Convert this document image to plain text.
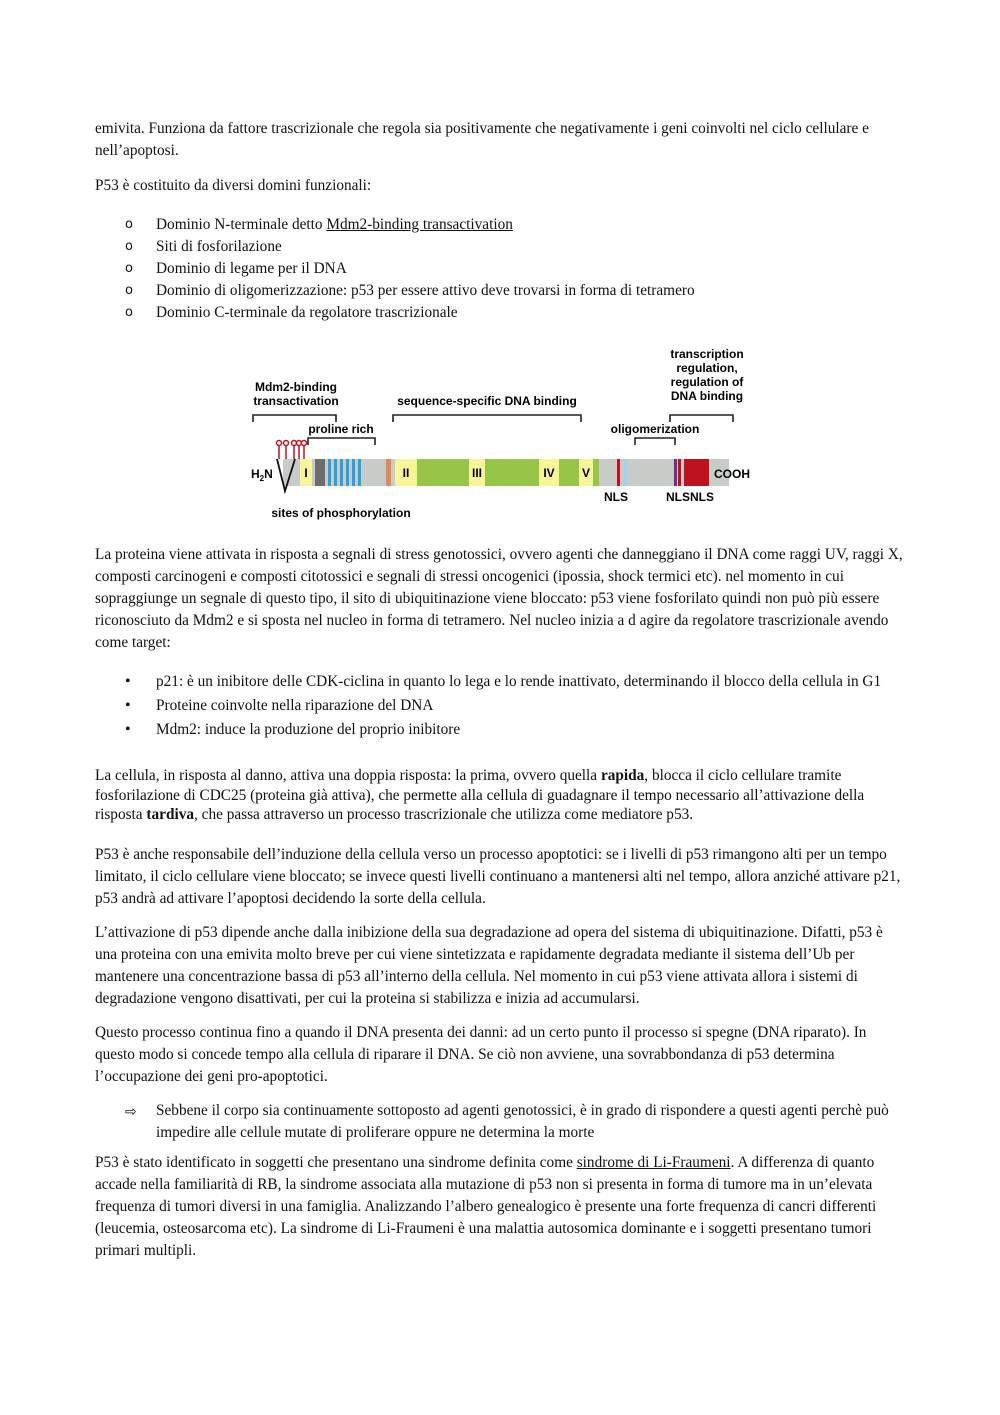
emivita. Funziona da fattore trascrizionale che regola sia positivamente che negativamente i geni coinvolti nel ciclo cellulare e nell’apoptosi.

P53 è costituito da diversi domini funzionali:

o Dominio N-terminale detto Mdm2-binding transactivation
o Siti di fosforilazione
o Dominio di legame per il DNA
o Dominio di oligomerizzazione: p53 per essere attivo deve trovarsi in forma di tetramero
o Dominio C-terminale da regolatore trascrizionale
Mdm2-binding
transactivation	sequence-specific DNA binding
proline rich	oligomerization
transcription
regulation,
regulation of
DNA binding
$H_2N$	I	II	III	IV V	COOH
NLS	NLS NLS
sites of phosphorylation

La proteina viene attivata in risposta a segnali di stress genotossici, ovvero agenti che danneggiano il DNA come raggi UV, raggi X, composti carcinogeni e composti citotossici e segnali di stressi oncogenici (ipossia, shock termici etc). nel momento in cui sopraggiunge un segnale di questo tipo, il sito di ubiquitinazione viene bloccato: p53 viene fosforilato quindi non può più essere riconosciuto da Mdm2 e si sposta nel nucleo in forma di tetramero. Nel nucleo inizia a d agire da regolatore trascrizionale avendo come target:

• p21: è un inibitore delle CDK-ciclina in quanto lo lega e lo rende inattivato, determinando il blocco della cellula in G1
• Proteine coinvolte nella riparazione del DNA
• Mdm2: induce la produzione del proprio inibitore

La cellula, in risposta al danno, attiva una doppia risposta: la prima, ovvero quella rapida, blocca il ciclo cellulare tramite fosforilazione di CDC25 (proteina già attiva), che permette alla cellula di guadagnare il tempo necessario all’attivazione della risposta tardiva, che passa attraverso un processo trascrizionale che utilizza come mediatore p53.

P53 è anche responsabile dell’induzione della cellula verso un processo apoptotici: se i livelli di p53 rimangono alti per un tempo limitato, il ciclo cellulare viene bloccato; se invece questi livelli continuano a mantenersi alti nel tempo, allora anziché attivare p21, p53 andrà ad attivare l’apoptosi decidendo la sorte della cellula.

L’attivazione di p53 dipende anche dalla inibizione della sua degradazione ad opera del sistema di ubiquitinazione. Difatti, p53 è una proteina con una emivita molto breve per cui viene sintetizzata e rapidamente degradata mediante il sistema dell’Ub per mantenere una concentrazione bassa di p53 all’interno della cellula. Nel momento in cui p53 viene attivata allora i sistemi di degradazione vengono disattivati, per cui la proteina si stabilizza e inizia ad accumularsi.

Questo processo continua fino a quando il DNA presenta dei danni: ad un certo punto il processo si spegne (DNA riparato). In questo modo si concede tempo alla cellula di riparare il DNA. Se ciò non avviene, una sovrabbondanza di p53 determina l’occupazione dei geni pro-apoptotici.

⇨ Sebbene il corpo sia continuamente sottoposto ad agenti genotossici, è in grado di rispondere a questi agenti perchè può impedire alle cellule mutate di proliferare oppure ne determina la morte

P53 è stato identificato in soggetti che presentano una sindrome definita come sindrome di Li-Fraumeni. A differenza di quanto accade nella familiarità di RB, la sindrome associata alla mutazione di p53 non si presenta in forma di tumore ma in un’elevata frequenza di tumori diversi in una famiglia. Analizzando l’albero genealogico è presente una forte frequenza di cancri differenti (leucemia, osteosarcoma etc). La sindrome di Li-Fraumeni è una malattia autosomica dominante e i soggetti presentano tumori primari multipli.
